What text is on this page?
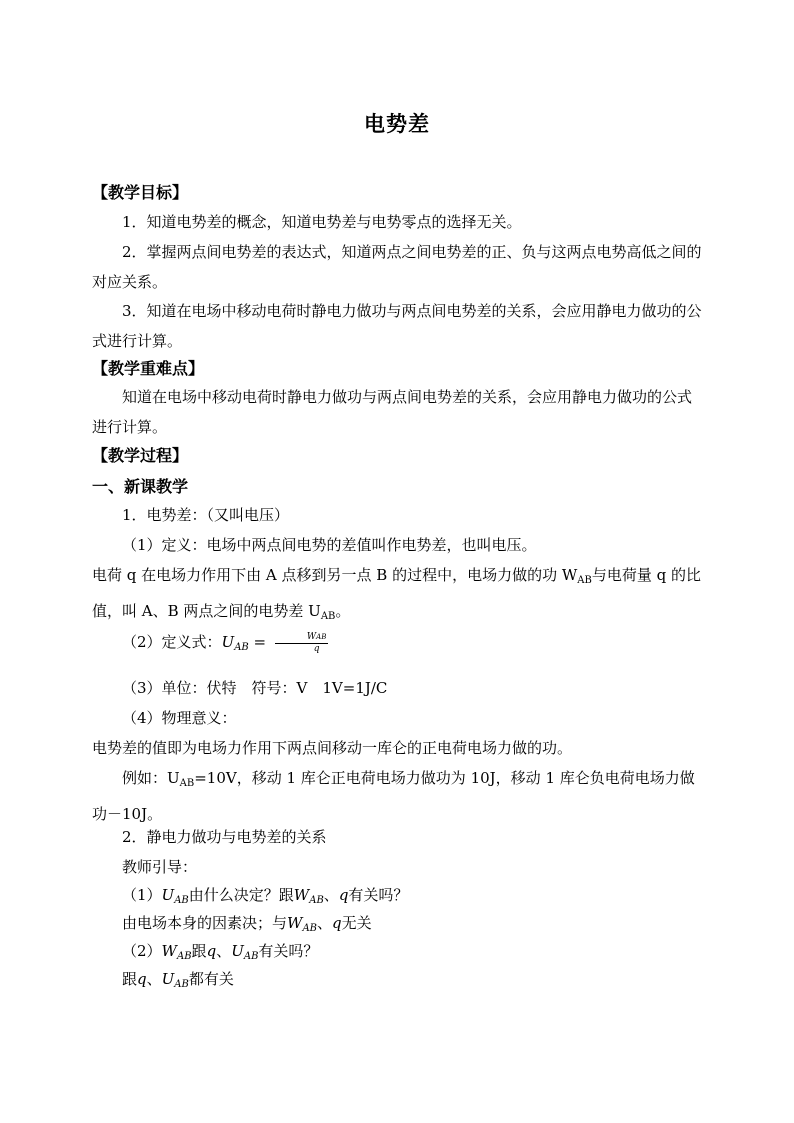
电势差
【教学目标】
1．知道电势差的概念，知道电势差与电势零点的选择无关。
2．掌握两点间电势差的表达式，知道两点之间电势差的正、负与这两点电势高低之间的对应关系。
3．知道在电场中移动电荷时静电力做功与两点间电势差的关系，会应用静电力做功的公式进行计算。
【教学重难点】
知道在电场中移动电荷时静电力做功与两点间电势差的关系，会应用静电力做功的公式进行计算。
【教学过程】
一、新课教学
1．电势差：（又叫电压）
（1）定义：电场中两点间电势的差值叫作电势差，也叫电压。
电荷 q 在电场力作用下由 A 点移到另一点 B 的过程中，电场力做的功 $W_{AB}$与电荷量 q 的比值，叫 A、B 两点之间的电势差 $U_{AB}$。
（2）定义式：$U_{AB} = \frac{\text{WAB}}{q}$
（3）单位：伏特　符号：V　1V=1J/C
（4）物理意义：
电势差的值即为电场力作用下两点间移动一库仑的正电荷电场力做的功。
例如：$U_{AB}=10V$，移动 1 库仑正电荷电场力做功为 10J，移动 1 库仑负电荷电场力做功－10J。
2．静电力做功与电势差的关系
教师引导：
$(1)U_{AB}$由什么决定？跟$W_{AB}$、q有关吗？
由电场本身的因素决；与$W_{AB}$、q无关
$(2)W_{AB}$跟q、$U_{AB}$有关吗？
跟q、$U_{AB}$都有关
